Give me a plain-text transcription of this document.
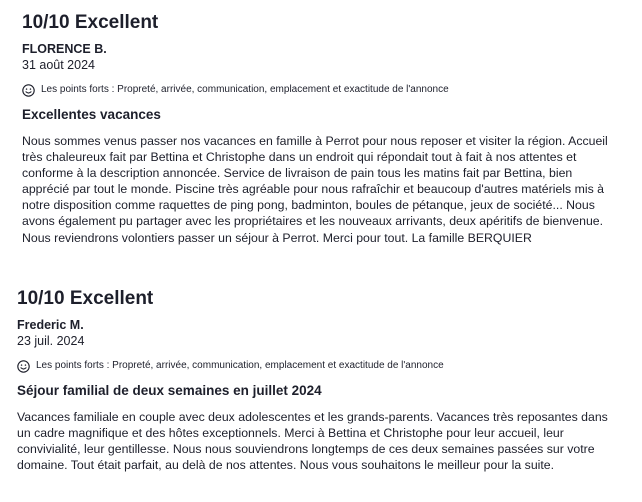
10/10 Excellent
FLORENCE B.
31 août 2024
Les points forts : Propreté, arrivée, communication, emplacement et exactitude de l'annonce
Excellentes vacances
Nous sommes venus passer nos vacances en famille à Perrot pour nous reposer et visiter la région. Accueil très chaleureux fait par Bettina et Christophe dans un endroit qui répondait tout à fait à nos attentes et conforme à la description annoncée. Service de livraison de pain tous les matins fait par Bettina, bien apprécié par tout le monde. Piscine très agréable pour nous rafraîchir et beaucoup d'autres matériels mis à notre disposition comme raquettes de ping pong, badminton, boules de pétanque, jeux de société... Nous avons également pu partager avec les propriétaires et les nouveaux arrivants, deux apéritifs de bienvenue. Nous reviendrons volontiers passer un séjour à Perrot. Merci pour tout. La famille BERQUIER
10/10 Excellent
Frederic M.
23 juil. 2024
Les points forts : Propreté, arrivée, communication, emplacement et exactitude de l'annonce
Séjour familial de deux semaines en juillet 2024
Vacances familiale en couple avec deux adolescentes et les grands-parents. Vacances très reposantes dans un cadre magnifique et des hôtes exceptionnels. Merci à Bettina et Christophe pour leur accueil, leur convivialité, leur gentillesse. Nous nous souviendrons longtemps de ces deux semaines passées sur votre domaine. Tout était parfait, au delà de nos attentes. Nous vous souhaitons le meilleur pour la suite.
